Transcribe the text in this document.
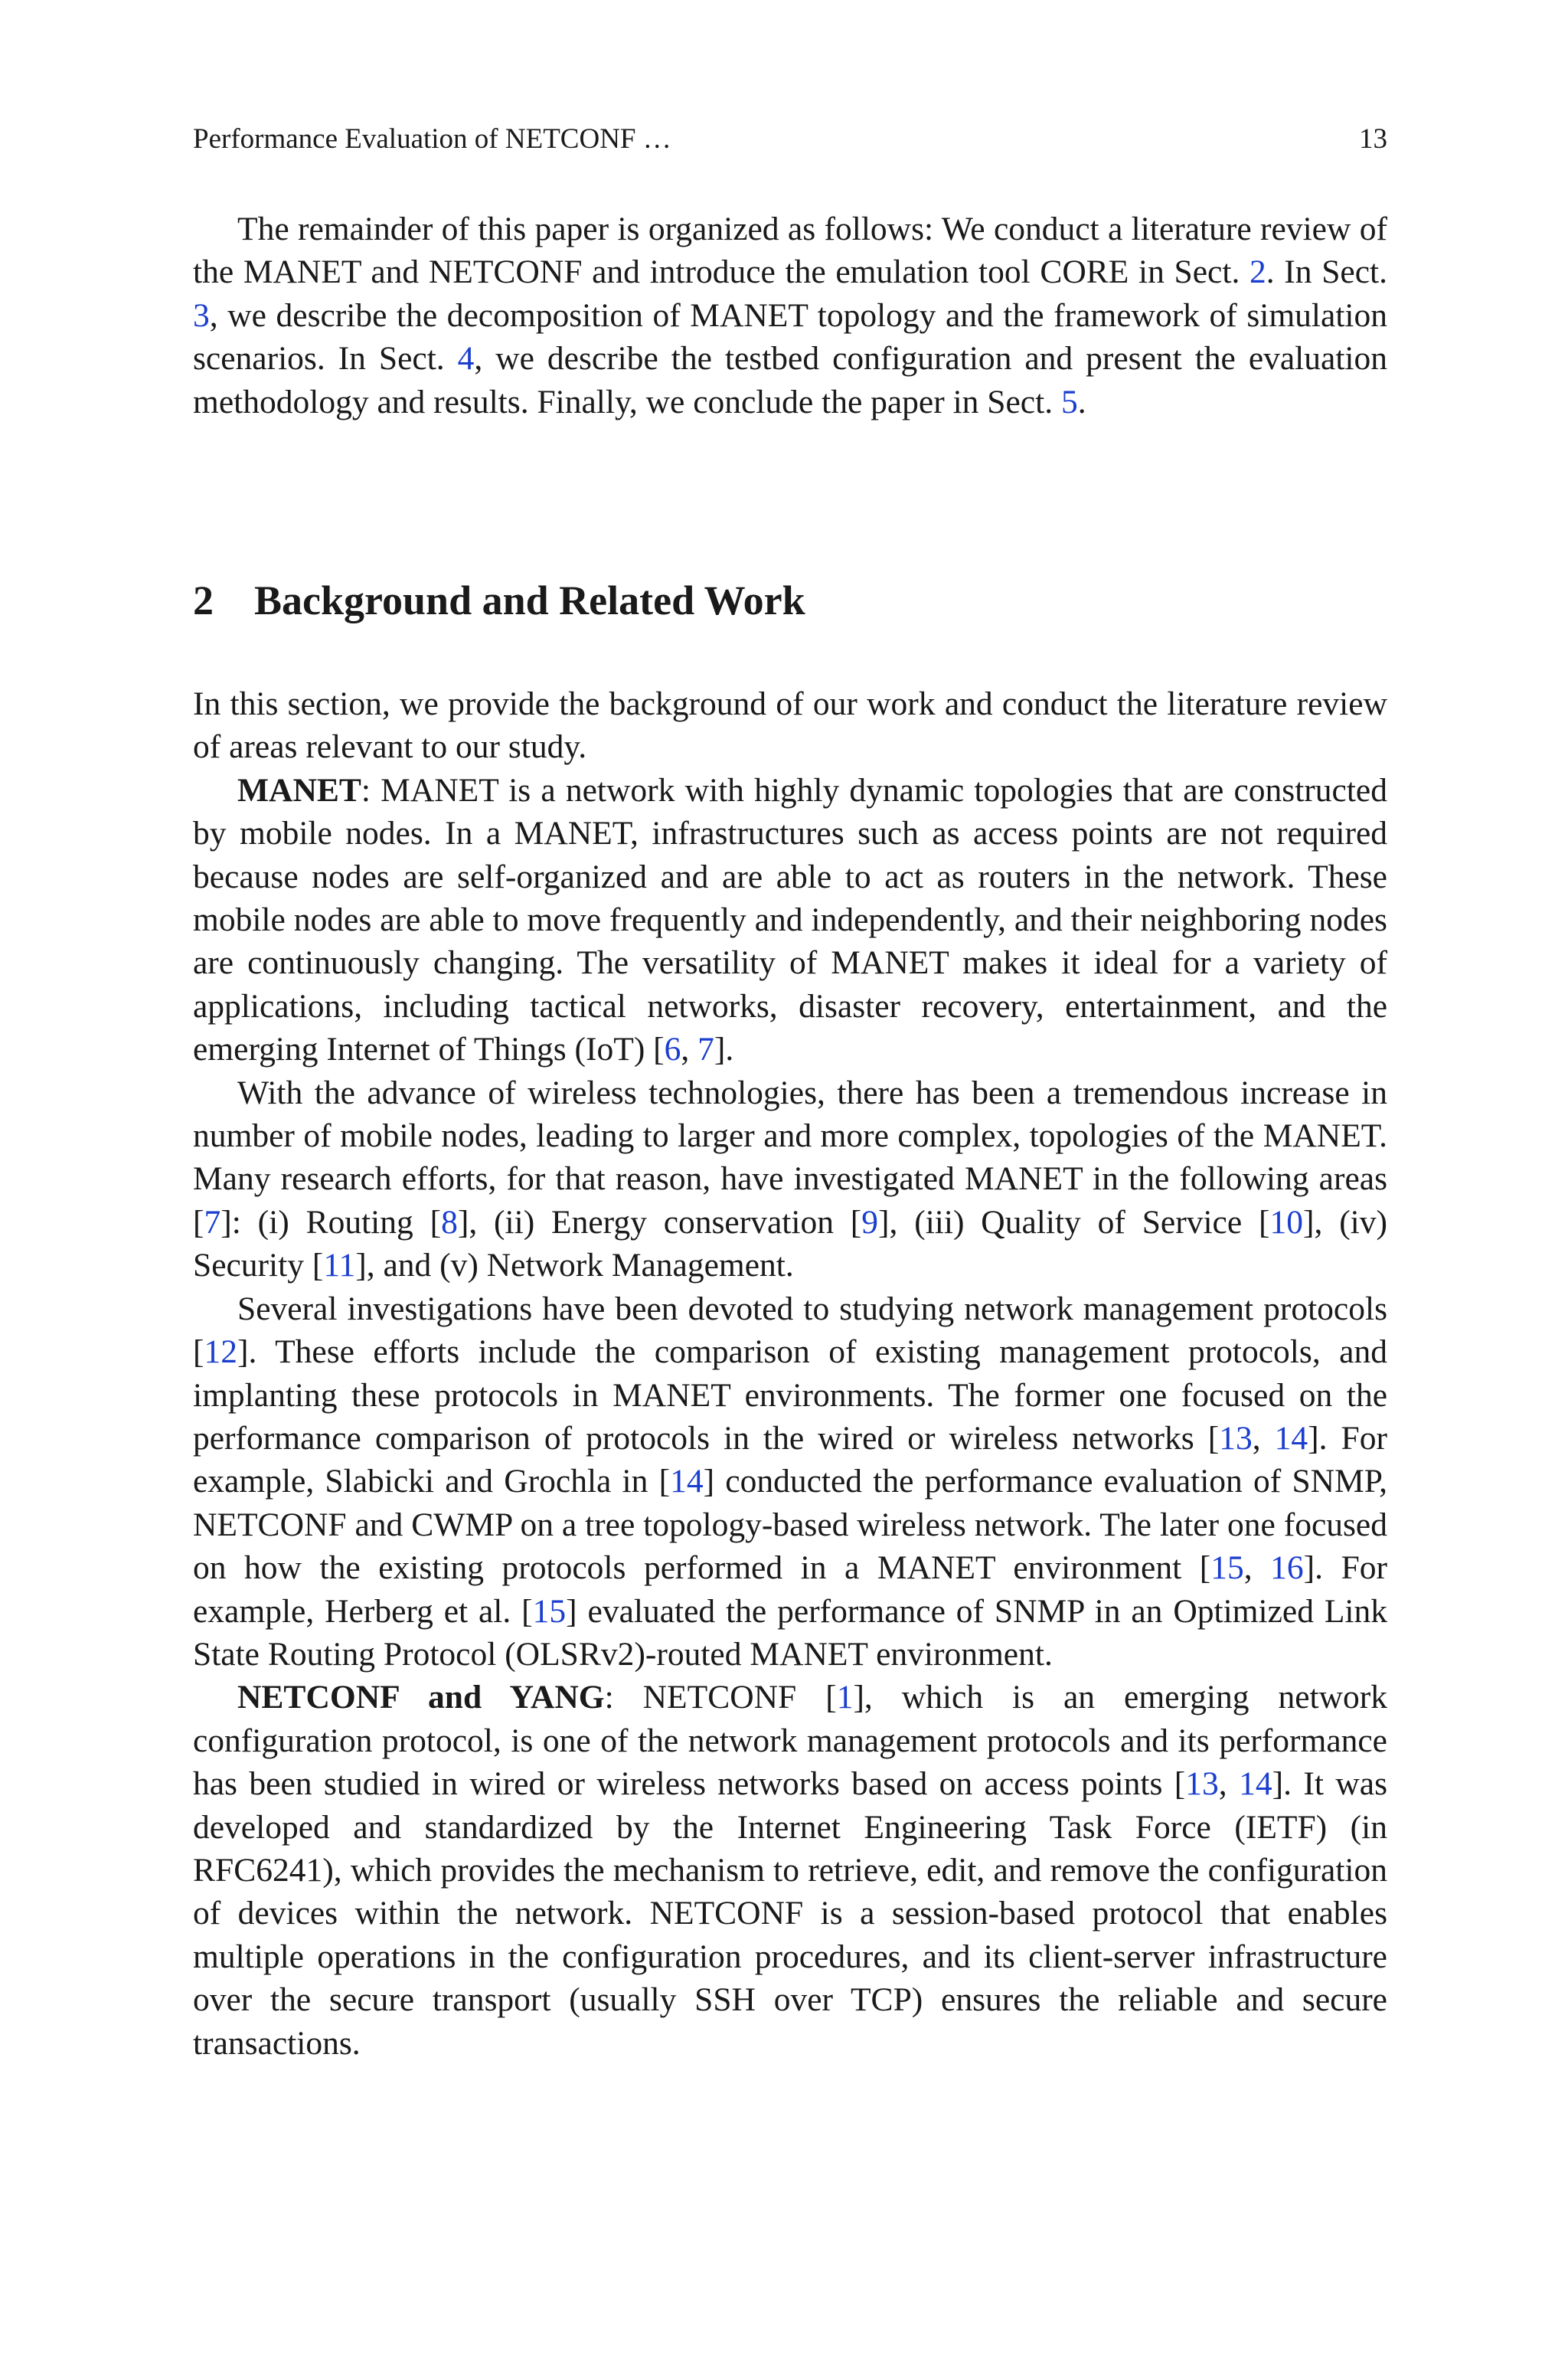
Performance Evaluation of NETCONF …	13

The remainder of this paper is organized as follows: We conduct a literature review of the MANET and NETCONF and introduce the emulation tool CORE in Sect. 2. In Sect. 3, we describe the decomposition of MANET topology and the framework of simulation scenarios. In Sect. 4, we describe the testbed configuration and present the evaluation methodology and results. Finally, we conclude the paper in Sect. 5.

2 Background and Related Work

In this section, we provide the background of our work and conduct the literature review of areas relevant to our study.

MANET: MANET is a network with highly dynamic topologies that are constructed by mobile nodes. In a MANET, infrastructures such as access points are not required because nodes are self-organized and are able to act as routers in the network. These mobile nodes are able to move frequently and independently, and their neighboring nodes are continuously changing. The versatility of MANET makes it ideal for a variety of applications, including tactical networks, disaster recovery, entertainment, and the emerging Internet of Things (IoT) [6, 7].

With the advance of wireless technologies, there has been a tremendous increase in number of mobile nodes, leading to larger and more complex, topologies of the MANET. Many research efforts, for that reason, have investigated MANET in the following areas [7]: (i) Routing [8], (ii) Energy conservation [9], (iii) Quality of Service [10], (iv) Security [11], and (v) Network Management.

Several investigations have been devoted to studying network management protocols [12]. These efforts include the comparison of existing management protocols, and implanting these protocols in MANET environments. The former one focused on the performance comparison of protocols in the wired or wireless networks [13, 14]. For example, Slabicki and Grochla in [14] conducted the performance evaluation of SNMP, NETCONF and CWMP on a tree topology-based wireless network. The later one focused on how the existing protocols performed in a MANET environment [15, 16]. For example, Herberg et al. [15] evaluated the performance of SNMP in an Optimized Link State Routing Protocol (OLSRv2)-routed MANET environment.

NETCONF and YANG: NETCONF [1], which is an emerging network configuration protocol, is one of the network management protocols and its performance has been studied in wired or wireless networks based on access points [13, 14]. It was developed and standardized by the Internet Engineering Task Force (IETF) (in RFC6241), which provides the mechanism to retrieve, edit, and remove the configuration of devices within the network. NETCONF is a session-based protocol that enables multiple operations in the configuration procedures, and its client-server infrastructure over the secure transport (usually SSH over TCP) ensures the reliable and secure transactions.
